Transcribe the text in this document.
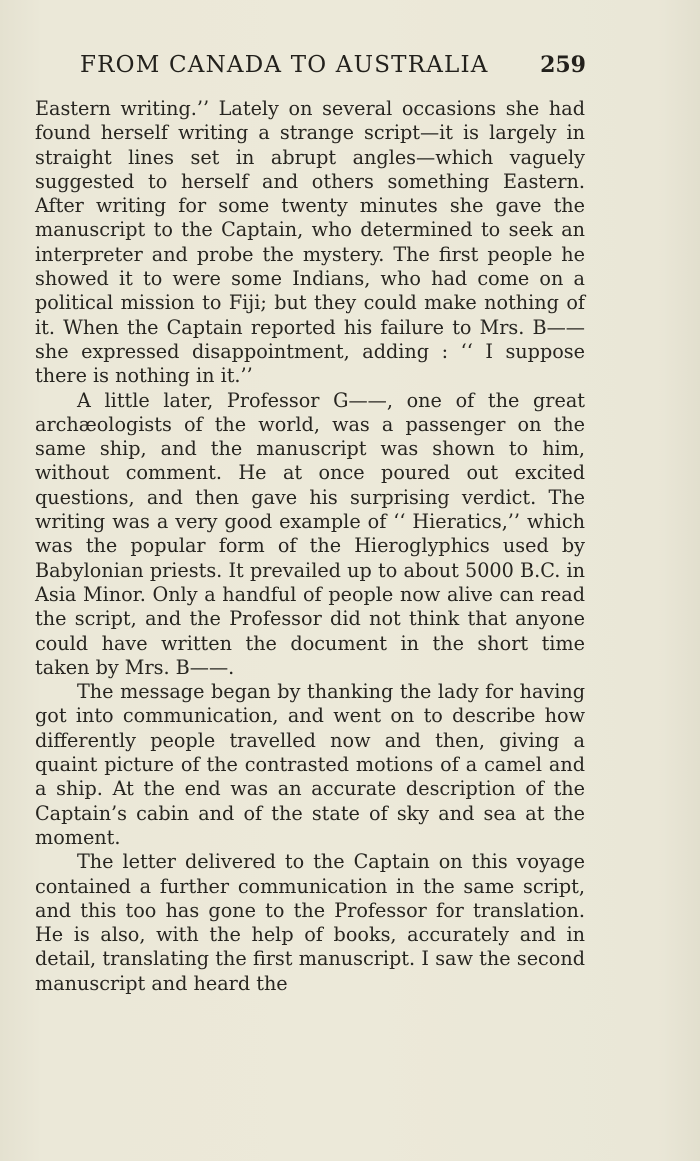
FROM CANADA TO AUSTRALIA 259

Eastern writing.’’ Lately on several occasions she had found herself writing a strange script—it is largely in straight lines set in abrupt angles—which vaguely suggested to herself and others something Eastern. After writing for some twenty minutes she gave the manuscript to the Captain, who determined to seek an interpreter and probe the mystery. The first people he showed it to were some Indians, who had come on a political mission to Fiji; but they could make nothing of it. When the Captain reported his failure to Mrs. B—— she expressed disappointment, adding : ‘‘ I suppose there is nothing in it.’’

A little later, Professor G——, one of the great archæologists of the world, was a passenger on the same ship, and the manuscript was shown to him, without comment. He at once poured out excited questions, and then gave his surprising verdict. The writing was a very good example of ‘‘ Hieratics,’’ which was the popular form of the Hieroglyphics used by Babylonian priests. It prevailed up to about 5000 B.C. in Asia Minor. Only a handful of people now alive can read the script, and the Professor did not think that anyone could have written the document in the short time taken by Mrs. B——.

The message began by thanking the lady for having got into communication, and went on to describe how differently people travelled now and then, giving a quaint picture of the contrasted motions of a camel and a ship. At the end was an accurate description of the Captain’s cabin and of the state of sky and sea at the moment.

The letter delivered to the Captain on this voyage contained a further communication in the same script, and this too has gone to the Professor for translation. He is also, with the help of books, accurately and in detail, translating the first manuscript. I saw the second manuscript and heard the
